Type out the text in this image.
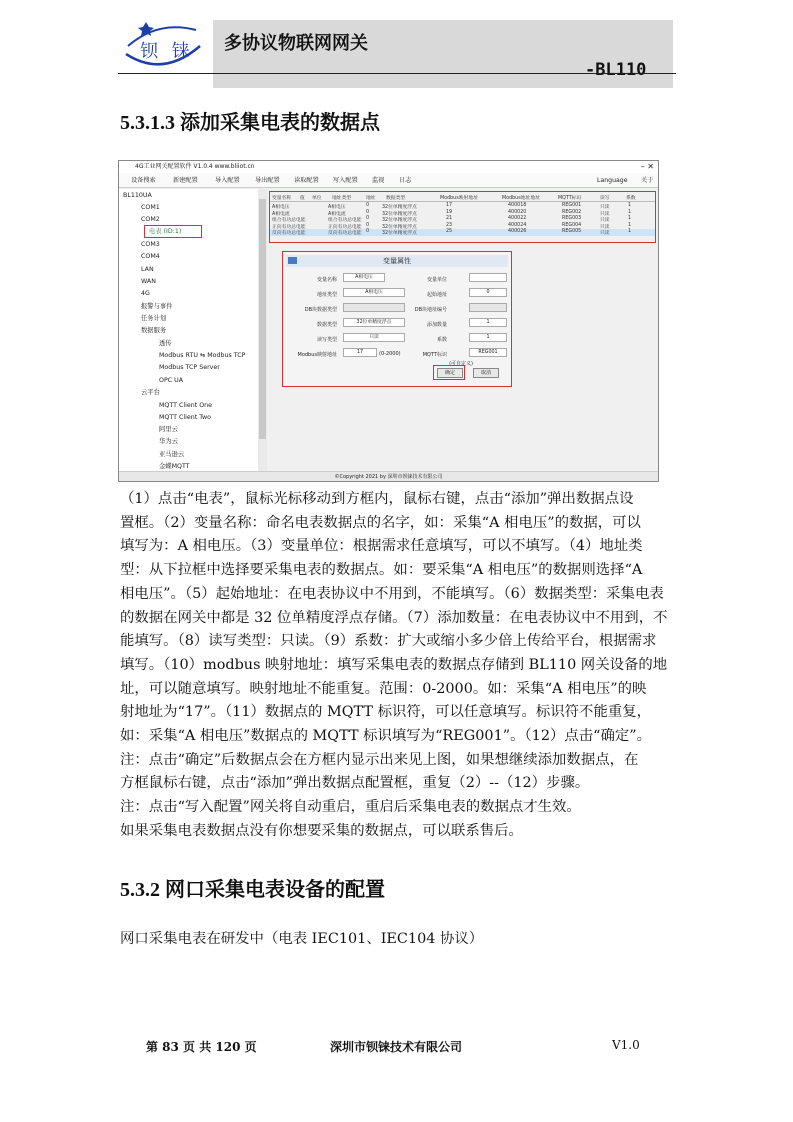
钡 铼 多协议物联网网关
-BL110
5.3.1.3 添加采集电表的数据点
4G工业网关配置软件 V1.0.4 www.bliiot.cn	– ✕
设备搜索	新建配置	导入配置 导出配置 读取配置 写入配置 监视 日志	Language 关于
BL110UA
COM1
COM2
电表 (ID:1)
COM3
COM4
LAN
WAN
4G
报警与事件
任务计划
数据服务
透传
Modbus RTU ⇆ Modbus TCP
Modbus TCP Server
OPC UA
云平台
MQTT Client One
MQTT Client Two
阿里云
华为云
亚马逊云
金蝶MQTT
变量名称 值 单位 地址类型	地址 数据类型	Modbus映射地址	Modbus地址地址	MQTT标识	读写	系数
A相电压	A相电压	0	32位单精度浮点	17	400018	REG001	只读	1
A相电流	A相电流	0	32位单精度浮点	19	400020	REG002	只读	1
组合有功总电能	组合有功总电能 0	32位单精度浮点	21	400022	REG003	只读	1
正向有功总电能	正向有功总电能 0	32位单精度浮点	23	400024	REG004	只读	1
反向有功总电能	反向有功总电能 0	32位单精度浮点	25	400026	REG005	只读	1
变量属性
变量名称	A相电压	变量单位
地址类型	A相电压	起始地址	0
DB块数据类型	DB块地址编号
数据类型	32位单精度浮点	添加数量	1
读写类型	只读	系数	1
Modbus映射地址	17	(0-2000)	MQTT标识	REG001
(可自定义)
确定	取消
©Copyright 2021 by 深圳市钡铼技术有限公司

（1）点击“电表”，鼠标光标移动到方框内，鼠标右键，点击“添加”弹出数据点设

置框。（2）变量名称：命名电表数据点的名字，如：采集“A 相电压”的数据，可以

填写为：A 相电压。（3）变量单位：根据需求任意填写，可以不填写。（4）地址类

型：从下拉框中选择要采集电表的数据点。如：要采集“A 相电压”的数据则选择“A

相电压”。（5）起始地址：在电表协议中不用到，不能填写。（6）数据类型：采集电表

的数据在网关中都是 32 位单精度浮点存储。（7）添加数量：在电表协议中不用到，不

能填写。（8）读写类型：只读。（9）系数：扩大或缩小多少倍上传给平台，根据需求

填写。（10）modbus 映射地址：填写采集电表的数据点存储到 BL110 网关设备的地

址，可以随意填写。映射地址不能重复。范围：0-2000。如：采集“A 相电压”的映

射地址为“17”。（11）数据点的 MQTT 标识符，可以任意填写。标识符不能重复，

如：采集“A 相电压”数据点的 MQTT 标识填写为“REG001”。（12）点击“确定”。

注：点击“确定”后数据点会在方框内显示出来见上图，如果想继续添加数据点，在

方框鼠标右键，点击“添加”弹出数据点配置框，重复（2）--（12）步骤。

注：点击“写入配置”网关将自动重启，重启后采集电表的数据点才生效。

如果采集电表数据点没有你想要采集的数据点，可以联系售后。

5.3.2 网口采集电表设备的配置
网口采集电表在研发中（电表 IEC101、IEC104 协议）
第 83 页 共 120 页	深圳市钡铼技术有限公司	V1.0
